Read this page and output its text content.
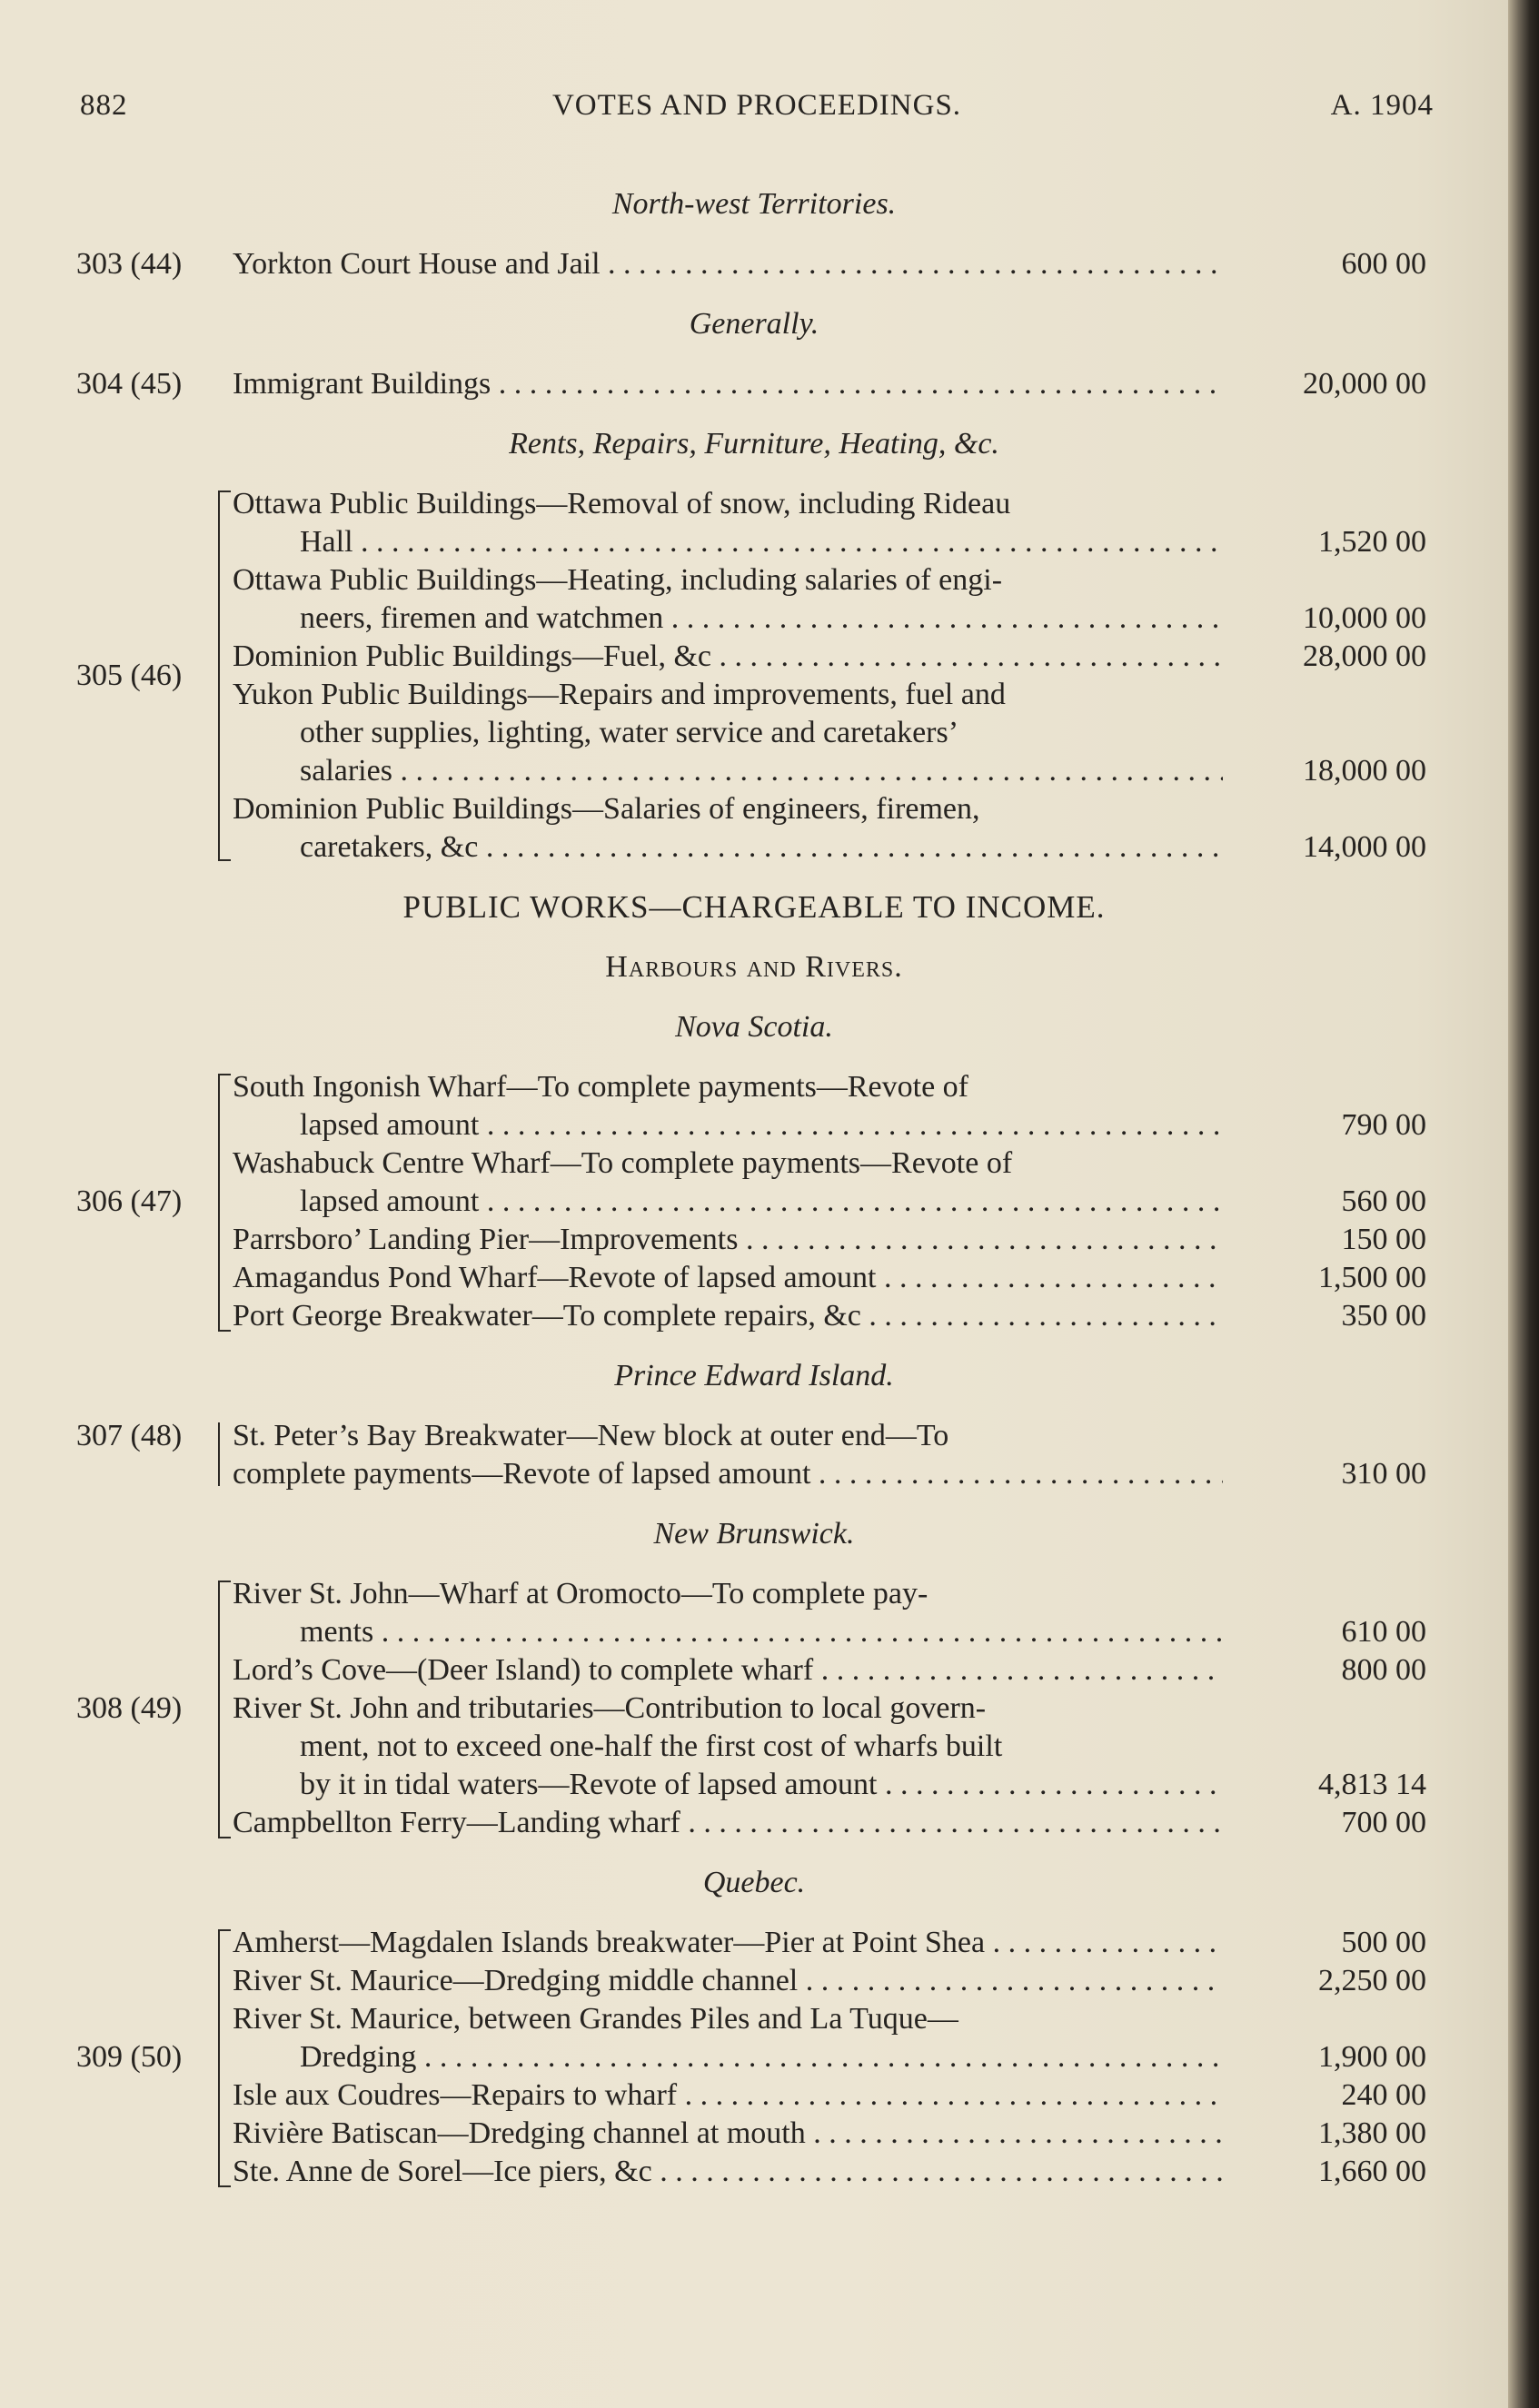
882	VOTES AND PROCEEDINGS.	A. 1904
North-west Territories.
303 (44)	Yorkton Court House and Jail . . .	600 00
Generally.
304 (45)	Immigrant Buildings . . .	20,000 00
Rents, Repairs, Furniture, Heating, &c.
305 (46)
Ottawa Public Buildings—Removal of snow, including Rideau
Hall . . .	1,520 00
Ottawa Public Buildings—Heating, including salaries of engi-
neers, firemen and watchmen . . .	10,000 00
Dominion Public Buildings—Fuel, &c . . .	28,000 00
Yukon Public Buildings—Repairs and improvements, fuel and
other supplies, lighting, water service and caretakers’
salaries . . .	18,000 00
Dominion Public Buildings—Salaries of engineers, firemen,
caretakers, &c . . .	14,000 00
PUBLIC WORKS—CHARGEABLE TO INCOME.
Harbours and Rivers.
Nova Scotia.
306 (47)
South Ingonish Wharf—To complete payments—Revote of
lapsed amount . . .	790 00
Washabuck Centre Wharf—To complete payments—Revote of
lapsed amount . . .	560 00
Parrsboro’ Landing Pier—Improvements . . .	150 00
Amagandus Pond Wharf—Revote of lapsed amount . . .	1,500 00
Port George Breakwater—To complete repairs, &c . . .	350 00
Prince Edward Island.
307 (48) St. Peter’s Bay Breakwater—New block at outer end—To
complete payments—Revote of lapsed amount . . .	310 00
New Brunswick.
308 (49)
River St. John—Wharf at Oromocto—To complete pay-
ments . . .	610 00
Lord’s Cove—(Deer Island) to complete wharf . . .	800 00
River St. John and tributaries—Contribution to local govern-
ment, not to exceed one-half the first cost of wharfs built
by it in tidal waters—Revote of lapsed amount . . .	4,813 14
Campbellton Ferry—Landing wharf . . .	700 00
Quebec.
309 (50)
Amherst—Magdalen Islands breakwater—Pier at Point Shea . . .	500 00
River St. Maurice—Dredging middle channel . . .	2,250 00
River St. Maurice, between Grandes Piles and La Tuque—
Dredging . . .	1,900 00
Isle aux Coudres—Repairs to wharf . . .	240 00
Rivière Batiscan—Dredging channel at mouth . . .	1,380 00
Ste. Anne de Sorel—Ice piers, &c . . .	1,660 00
